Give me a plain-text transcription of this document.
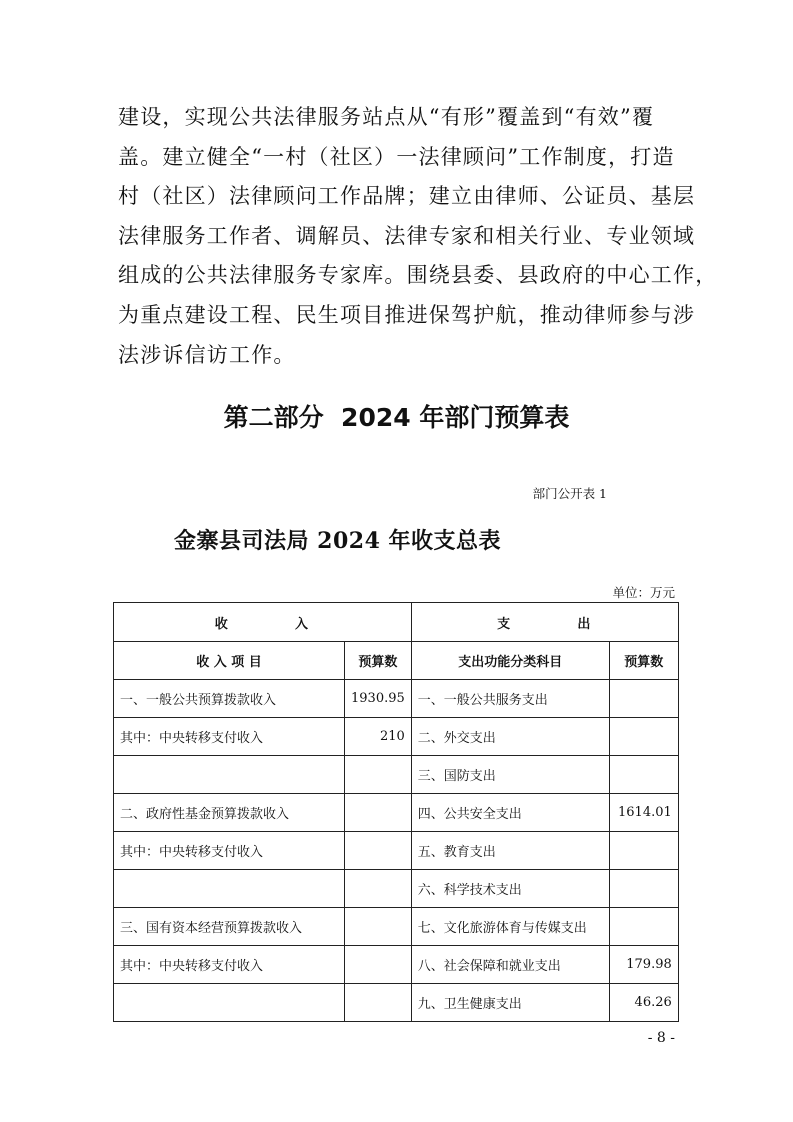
建设，实现公共法律服务站点从“有形”覆盖到“有效”覆
盖。建立健全“一村（社区）一法律顾问”工作制度，打造
村（社区）法律顾问工作品牌；建立由律师、公证员、基层
法律服务工作者、调解员、法律专家和相关行业、专业领域
组成的公共法律服务专家库。围绕县委、县政府的中心工作，
为重点建设工程、民生项目推进保驾护航，推动律师参与涉
法涉诉信访工作。
第二部分  2024 年部门预算表
部门公开表 1
金寨县司法局 2024 年收支总表
单位：万元
收          入		支          出	
收 入 项 目	预算数	支出功能分类科目	预算数
一、一般公共预算拨款收入	1930.95	一、一般公共服务支出	
其中：中央转移支付收入	210	二、外交支出	
		三、国防支出	
二、政府性基金预算拨款收入		四、公共安全支出	1614.01
其中：中央转移支付收入		五、教育支出	
		六、科学技术支出	
三、国有资本经营预算拨款收入		七、文化旅游体育与传媒支出	
其中：中央转移支付收入		八、社会保障和就业支出	179.98
		九、卫生健康支出	46.26
- 8 -
